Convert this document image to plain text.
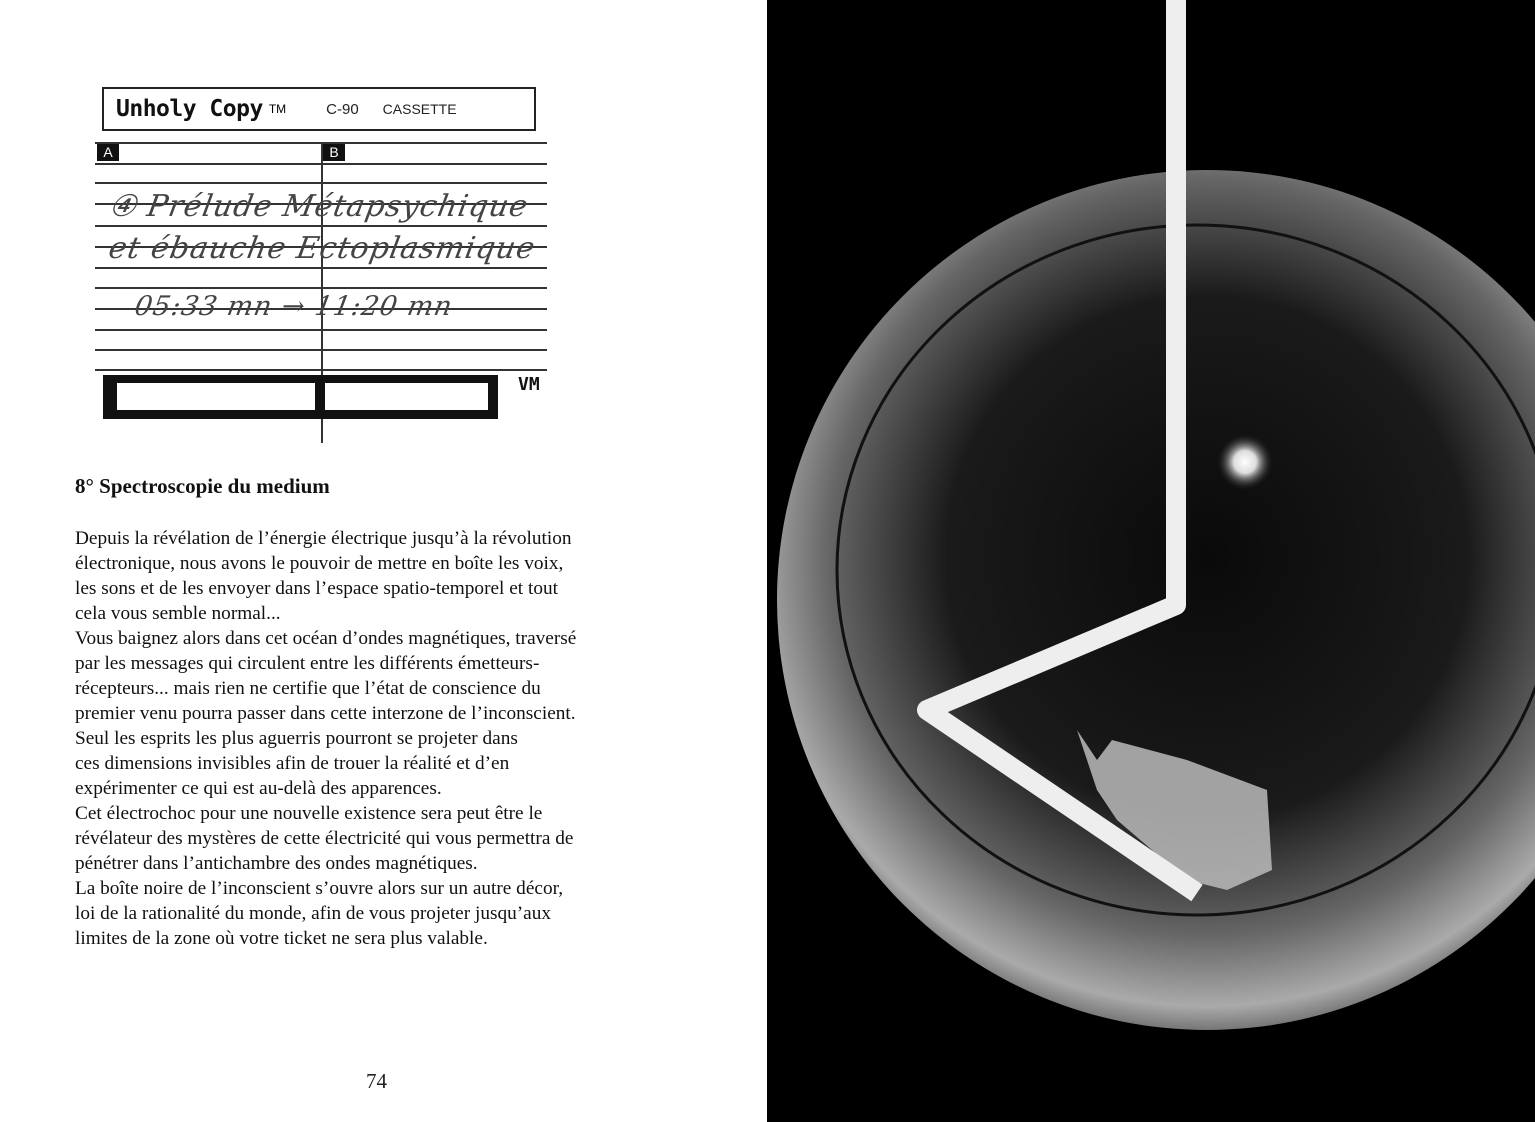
Unholy Copy TM	C-90 CASSETTE
A	B
④ Prélude Métapsychique
et ébauche Ectoplasmique
05:33 mn → 11:20 mn
VM
8° Spectroscopie du medium
Depuis la révélation de l’énergie électrique jusqu’à la révolution
électronique, nous avons le pouvoir de mettre en boîte les voix,
les sons et de les envoyer dans l’espace spatio-temporel et tout
cela vous semble normal...
Vous baignez alors dans cet océan d’ondes magnétiques, traversé
par les messages qui circulent entre les différents émetteurs-
récepteurs... mais rien ne certifie que l’état de conscience du
premier venu pourra passer dans cette interzone de l’inconscient.
Seul les esprits les plus aguerris pourront se projeter dans
ces dimensions invisibles afin de trouer la réalité et d’en
expérimenter ce qui est au-delà des apparences.
Cet électrochoc pour une nouvelle existence sera peut être le
révélateur des mystères de cette électricité qui vous permettra de
pénétrer dans l’antichambre des ondes magnétiques.
La boîte noire de l’inconscient s’ouvre alors sur un autre décor,
loi de la rationalité du monde, afin de vous projeter jusqu’aux
limites de la zone où votre ticket ne sera plus valable.
74
